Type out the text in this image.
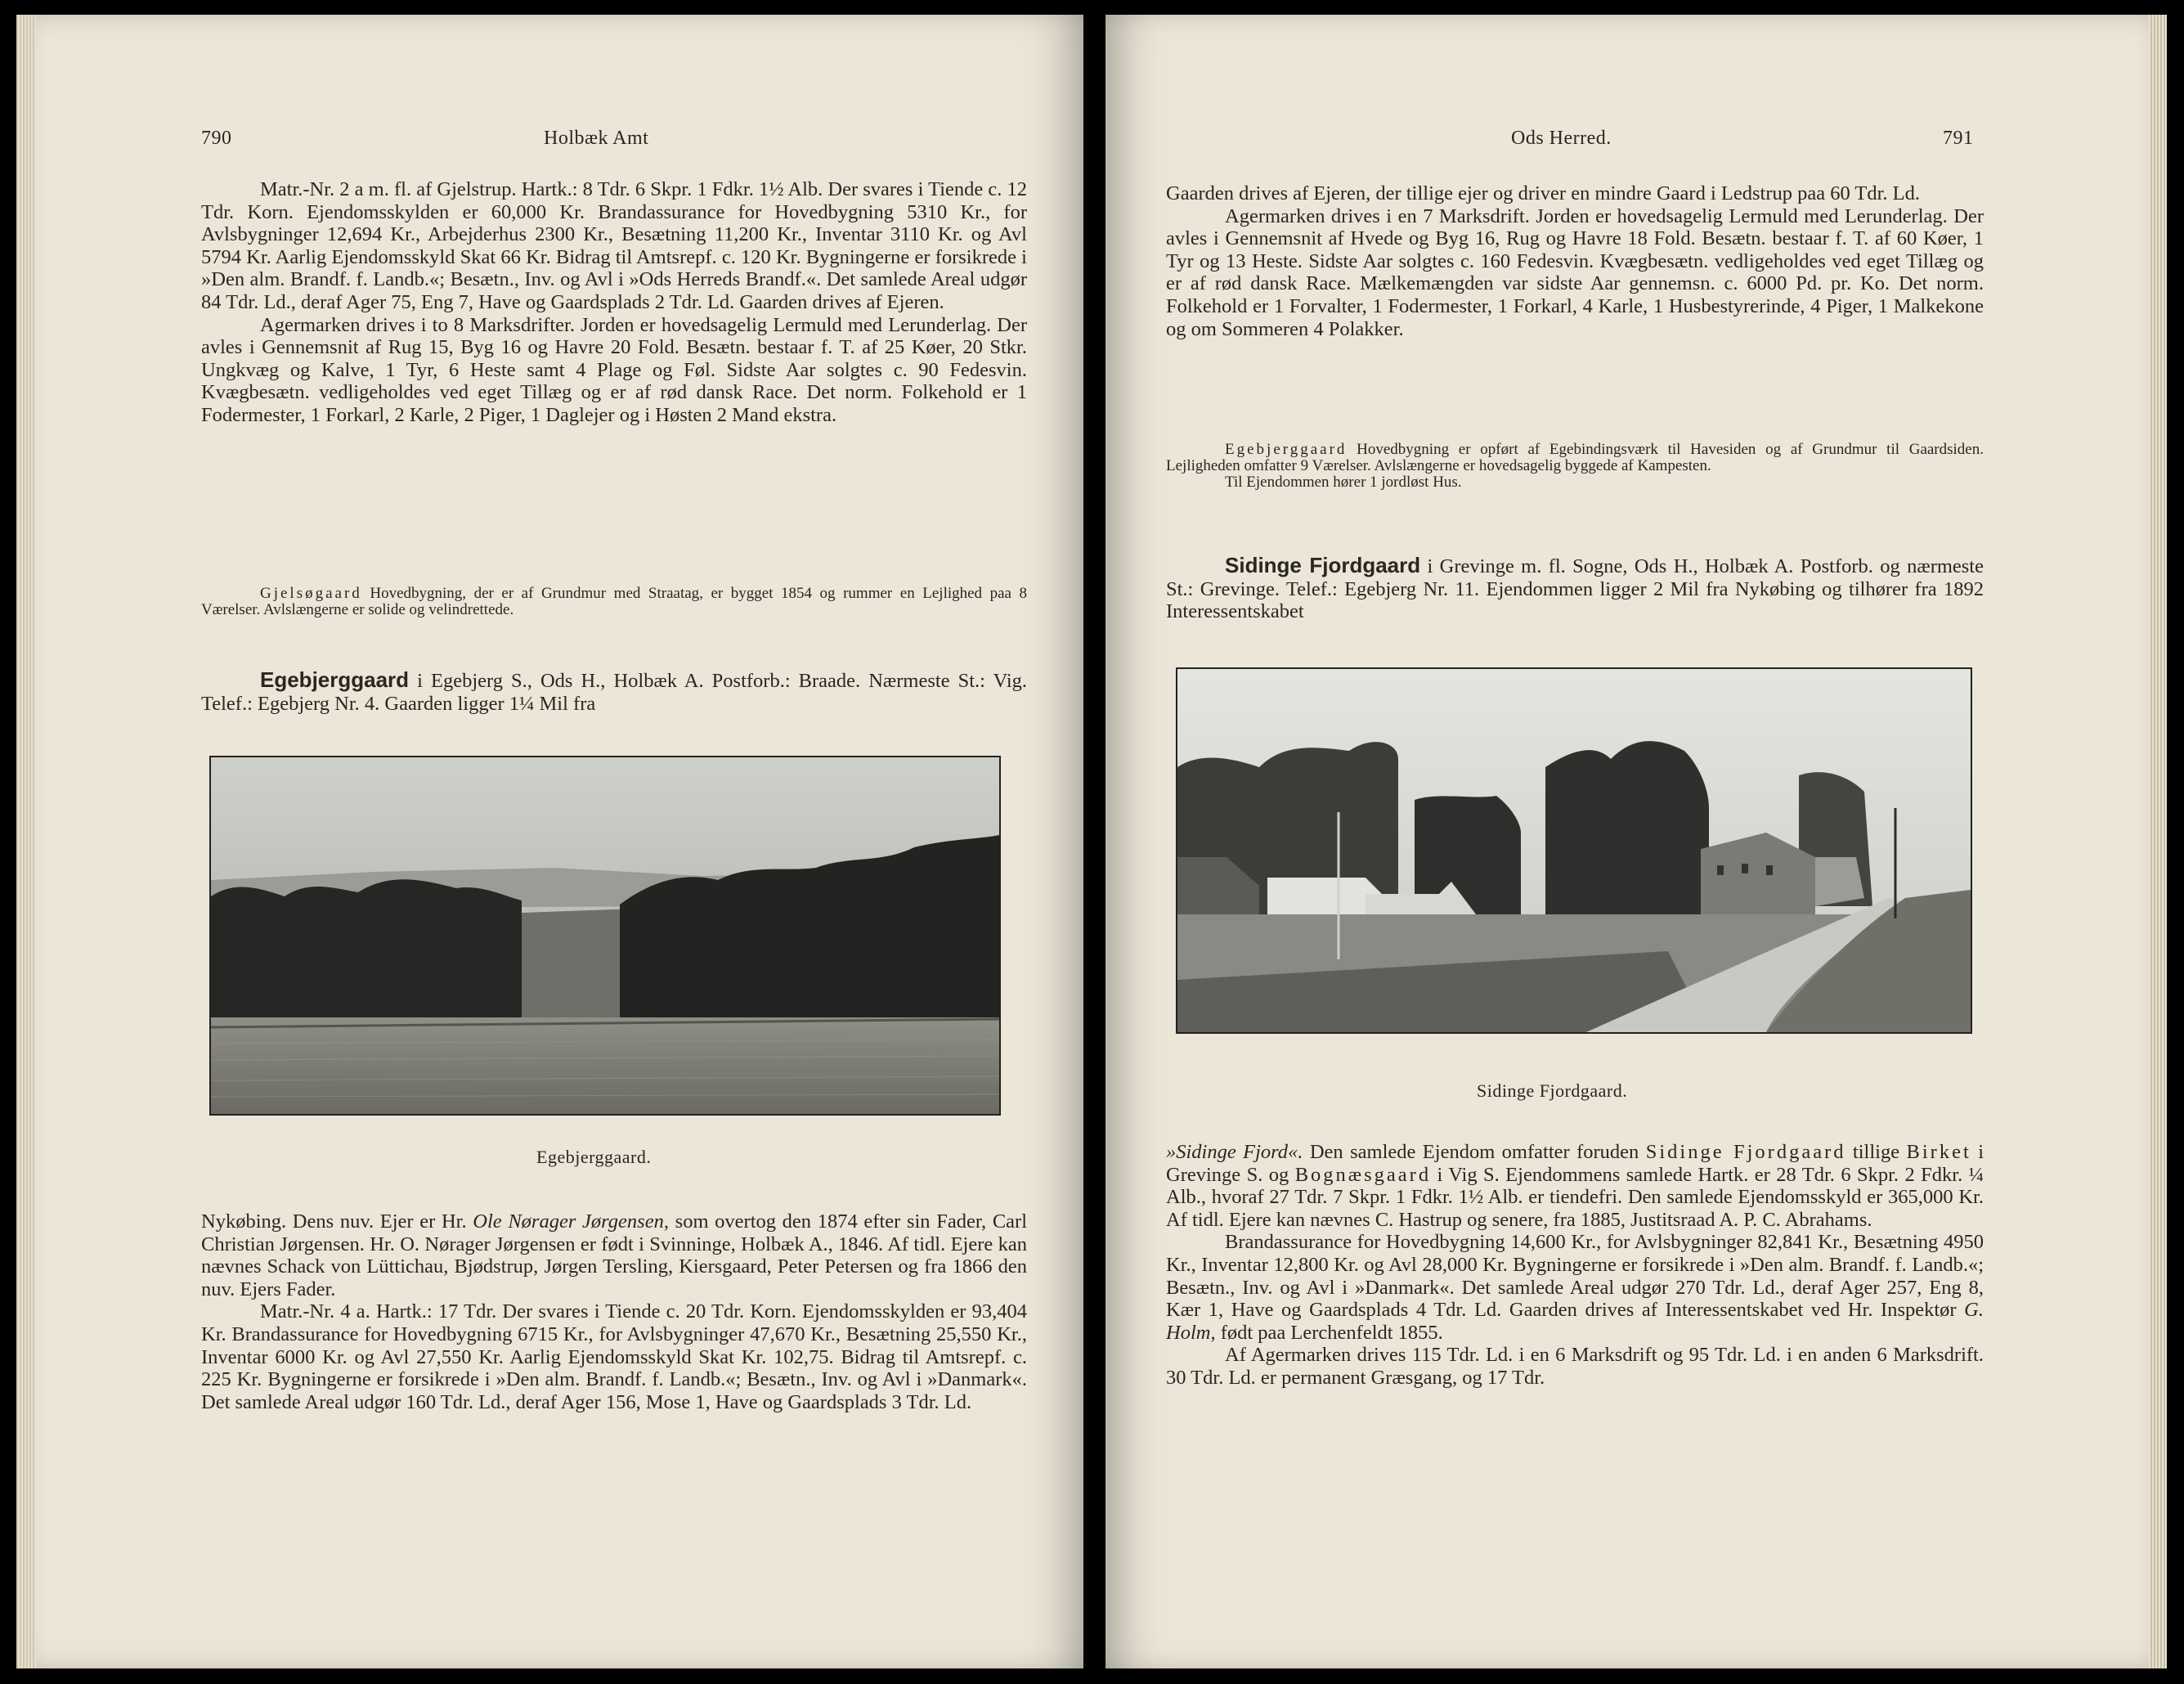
790	Holbæk Amt

Matr.-Nr. 2 a m. fl. af Gjelstrup. Hartk.: 8 Tdr. 6 Skpr. 1 Fdkr. 1½ Alb. Der svares i Tiende c. 12 Tdr. Korn. Ejendomsskylden er 60,000 Kr. Brandassurance for Hovedbygning 5310 Kr., for Avlsbygninger 12,694 Kr., Arbejderhus 2300 Kr., Besætning 11,200 Kr., Inventar 3110 Kr. og Avl 5794 Kr. Aarlig Ejendomsskyld Skat 66 Kr. Bidrag til Amtsrepf. c. 120 Kr. Bygningerne er forsikrede i »Den alm. Brandf. f. Landb.«; Besætn., Inv. og Avl i »Ods Herreds Brandf.«. Det samlede Areal udgør 84 Tdr. Ld., deraf Ager 75, Eng 7, Have og Gaardsplads 2 Tdr. Ld. Gaarden drives af Ejeren.

Agermarken drives i to 8 Marksdrifter. Jorden er hovedsagelig Lermuld med Lerunderlag. Der avles i Gennemsnit af Rug 15, Byg 16 og Havre 20 Fold. Besætn. bestaar f. T. af 25 Køer, 20 Stkr. Ungkvæg og Kalve, 1 Tyr, 6 Heste samt 4 Plage og Føl. Sidste Aar solgtes c. 90 Fedesvin. Kvægbesætn. vedligeholdes ved eget Tillæg og er af rød dansk Race. Det norm. Folkehold er 1 Fodermester, 1 Forkarl, 2 Karle, 2 Piger, 1 Daglejer og i Høsten 2 Mand ekstra.

Gjelsøgaard Hovedbygning, der er af Grundmur med Straatag, er bygget 1854 og rummer en Lejlighed paa 8 Værelser. Avlslængerne er solide og velindrettede.

Egebjerggaard i Egebjerg S., Ods H., Holbæk A. Postforb.: Braade. Nærmeste St.: Vig. Telef.: Egebjerg Nr. 4. Gaarden ligger 1¼ Mil fra

Egebjerggaard.

Nykøbing. Dens nuv. Ejer er Hr. Ole Nørager Jørgensen, som overtog den 1874 efter sin Fader, Carl Christian Jørgensen. Hr. O. Nørager Jørgensen er født i Svinninge, Holbæk A., 1846. Af tidl. Ejere kan nævnes Schack von Lüttichau, Bjødstrup, Jørgen Tersling, Kiersgaard, Peter Petersen og fra 1866 den nuv. Ejers Fader.

Matr.-Nr. 4 a. Hartk.: 17 Tdr. Der svares i Tiende c. 20 Tdr. Korn. Ejendomsskylden er 93,404 Kr. Brandassurance for Hovedbygning 6715 Kr., for Avlsbygninger 47,670 Kr., Besætning 25,550 Kr., Inventar 6000 Kr. og Avl 27,550 Kr. Aarlig Ejendomsskyld Skat Kr. 102,75. Bidrag til Amtsrepf. c. 225 Kr. Bygningerne er forsikrede i »Den alm. Brandf. f. Landb.«; Besætn., Inv. og Avl i »Danmark«. Det samlede Areal udgør 160 Tdr. Ld., deraf Ager 156, Mose 1, Have og Gaardsplads 3 Tdr. Ld.

Ods Herred.	791

Gaarden drives af Ejeren, der tillige ejer og driver en mindre Gaard i Ledstrup paa 60 Tdr. Ld.

Agermarken drives i en 7 Marksdrift. Jorden er hovedsagelig Lermuld med Lerunderlag. Der avles i Gennemsnit af Hvede og Byg 16, Rug og Havre 18 Fold. Besætn. bestaar f. T. af 60 Køer, 1 Tyr og 13 Heste. Sidste Aar solgtes c. 160 Fedesvin. Kvægbesætn. vedligeholdes ved eget Tillæg og er af rød dansk Race. Mælkemængden var sidste Aar gennemsn. c. 6000 Pd. pr. Ko. Det norm. Folkehold er 1 Forvalter, 1 Fodermester, 1 Forkarl, 4 Karle, 1 Husbestyrerinde, 4 Piger, 1 Malkekone og om Sommeren 4 Polakker.

Egebjerggaard Hovedbygning er opført af Egebindingsværk til Havesiden og af Grundmur til Gaardsiden. Lejligheden omfatter 9 Værelser. Avlslængerne er hovedsagelig byggede af Kampesten.

Til Ejendommen hører 1 jordløst Hus.

Sidinge Fjordgaard i Grevinge m. fl. Sogne, Ods H., Holbæk A. Postforb. og nærmeste St.: Grevinge. Telef.: Egebjerg Nr. 11. Ejendommen ligger 2 Mil fra Nykøbing og tilhører fra 1892 Interessentskabet

Sidinge Fjordgaard.

»Sidinge Fjord«. Den samlede Ejendom omfatter foruden Sidinge Fjordgaard tillige Birket i Grevinge S. og Bognæsgaard i Vig S. Ejendommens samlede Hartk. er 28 Tdr. 6 Skpr. 2 Fdkr. ¼ Alb., hvoraf 27 Tdr. 7 Skpr. 1 Fdkr. 1½ Alb. er tiendefri. Den samlede Ejendomsskyld er 365,000 Kr. Af tidl. Ejere kan nævnes C. Hastrup og senere, fra 1885, Justitsraad A. P. C. Abrahams.

Brandassurance for Hovedbygning 14,600 Kr., for Avlsbygninger 82,841 Kr., Besætning 4950 Kr., Inventar 12,800 Kr. og Avl 28,000 Kr. Bygningerne er forsikrede i »Den alm. Brandf. f. Landb.«; Besætn., Inv. og Avl i »Danmark«. Det samlede Areal udgør 270 Tdr. Ld., deraf Ager 257, Eng 8, Kær 1, Have og Gaardsplads 4 Tdr. Ld. Gaarden drives af Interessentskabet ved Hr. Inspektør G. Holm, født paa Lerchenfeldt 1855.

Af Agermarken drives 115 Tdr. Ld. i en 6 Marksdrift og 95 Tdr. Ld. i en anden 6 Marksdrift. 30 Tdr. Ld. er permanent Græsgang, og 17 Tdr.
